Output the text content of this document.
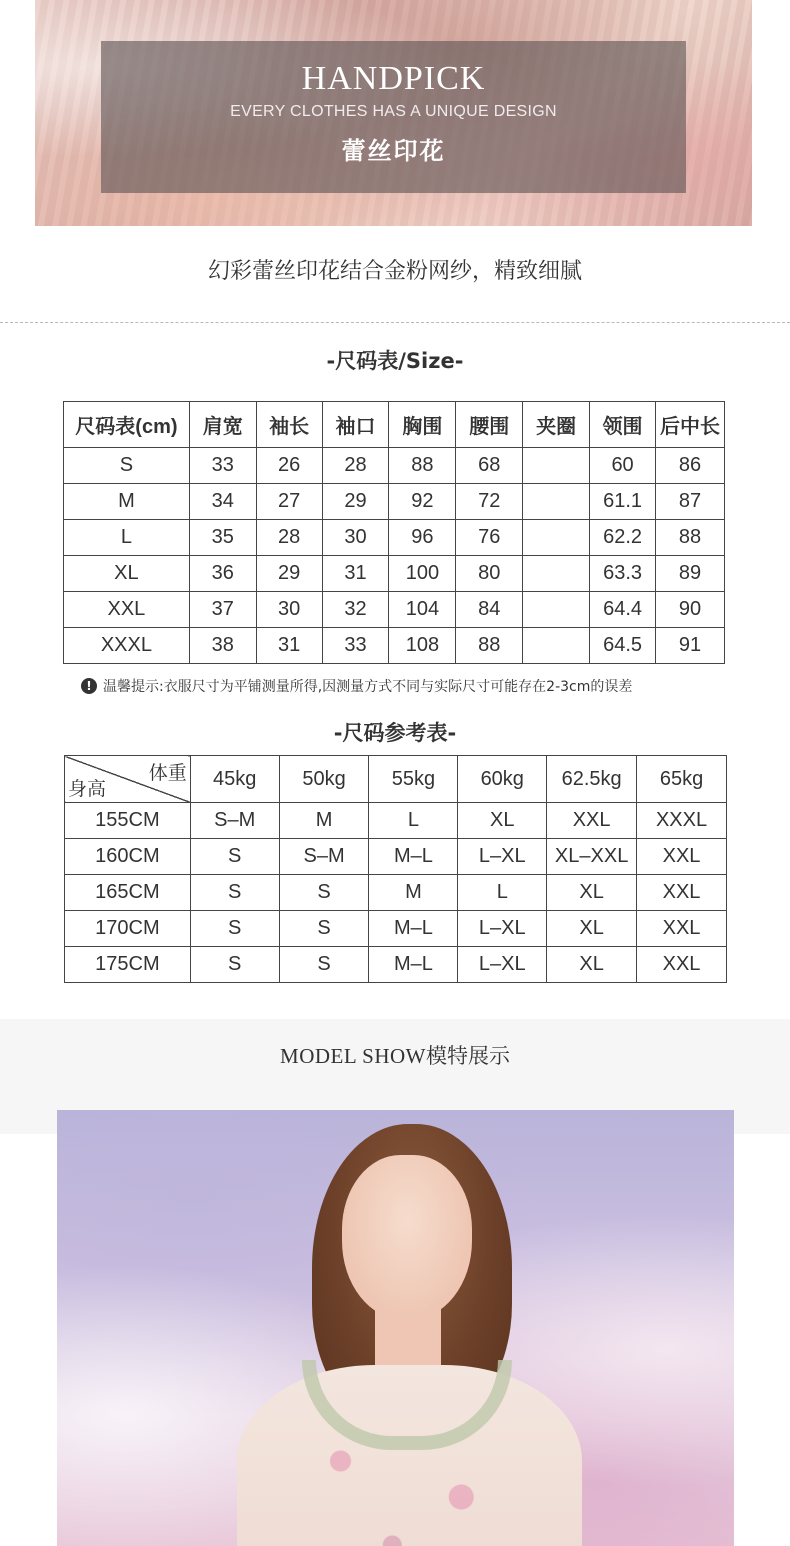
HANDPICK
EVERY CLOTHES HAS A UNIQUE DESIGN
蕾丝印花
幻彩蕾丝印花结合金粉网纱，精致细腻
-尺码表/Size-
尺码表(cm)	肩宽	袖长	袖口	胸围	腰围	夹圈	领围	后中长
S	33	26	28	88	68		60	86
M	34	27	29	92	72		61.1	87
L	35	28	30	96	76		62.2	88
XL	36	29	31	100	80		63.3	89
XXL	37	30	32	104	84		64.4	90
XXXL	38	31	33	108	88		64.5	91
! 温馨提示:衣服尺寸为平铺测量所得,因测量方式不同与实际尺寸可能存在2-3cm的误差
-尺码参考表-
体重
身高	45kg	50kg	55kg	60kg	62.5kg	65kg
155CM	S–M	M	L	XL	XXL	XXXL
160CM	S	S–M	M–L	L–XL	XL–XXL	XXL
165CM	S	S	M	L	XL	XXL
170CM	S	S	M–L	L–XL	XL	XXL
175CM	S	S	M–L	L–XL	XL	XXL
MODEL SHOW模特展示
